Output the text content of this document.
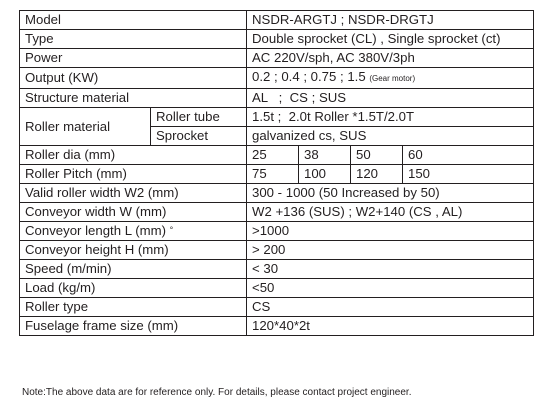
Model		NSDR-ARGTJ ; NSDR-DRGTJ			
Type		Double sprocket (CL) , Single sprocket (ct)			
Power		AC 220V/sph, AC 380V/3ph			
Output (KW)		0.2 ; 0.4 ; 0.75 ; 1.5 (Gear motor)			
Structure material		AL   ;  CS ; SUS			
Roller material	Roller tube	1.5t ;  2.0t Roller *1.5T/2.0T			
	Sprocket	galvanized cs, SUS			
Roller dia (mm)		25	38	50	60
Roller Pitch (mm)		75	100	120	150
Valid roller width W2 (mm)		300 - 1000 (50 Increased by 50)			
Conveyor width W (mm)		W2 +136 (SUS) ; W2+140 (CS , AL)			
Conveyor length L (mm) °		>1000			
Conveyor height H (mm)		> 200			
Speed (m/min)		< 30			
Load (kg/m)		<50			
Roller type		CS			
Fuselage frame size (mm)		120*40*2t			
Note:The above data are for reference only. For details, please contact project engineer.
